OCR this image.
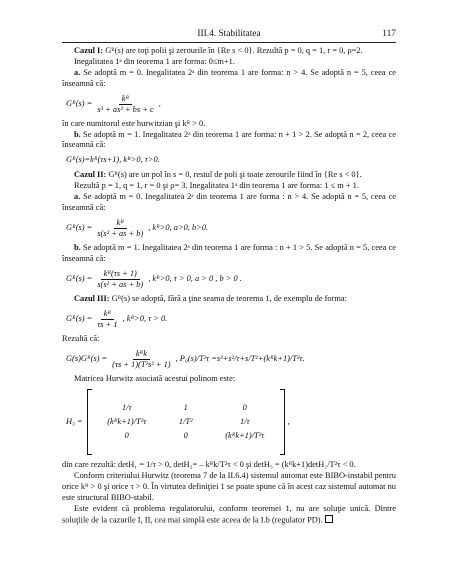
III.4. Stabilitatea	117

Cazul I: Gᴿ(s) are toţi polii şi zerourile în {Re s < 0}. Rezultă p = 0, q = 1, r = 0, ρ=2.

Inegalitatea 1ᵃ din teorema 1 are forma: 0≤m+1.

a. Se adoptă m = 0. Inegalitatea 2ᵃ din teorema 1 are forma: n > 4. Se adoptă n = 5, ceea ce înseamnă că:

Gᴿ(s) = $\frac{\text{kᴿ}}{\text{s³ + as² + bs + c}}$ ,

în care numitorul este hurwitzian şi kᴿ > 0.

b. Se adoptă m = 1. Inegalitatea 2ᵃ din teorema 1 are forma: n + 1 > 2. Se adoptă n = 2, ceea ce înseamnă că:

Gᴿ(s)=kᴿ(τs+1), kᴿ>0, τ>0.

Cazul II: Gᴿ(s) are un pol în s = 0, restul de poli şi toate zerourile fiind în {Re s < 0}.

Rezultă p = 1, q = 1, r = 0 şi ρ= 3. Inegalitatea 1ᵃ din teorema 1 are forma: 1 ≤ m + 1.

a. Se adoptă m = 0. Inegalitatea 2ᵃ din teorema 1 are forma : n > 4. Se adoptă n = 5, ceea ce înseamnă că:

Gᴿ(s) = $\frac{\text{kᴿ}}{\text{s(s² + as + b)}}$ , kᴿ>0, a>0, b>0.

b. Se adoptă m = 1. Inegalitatea 2ᵃ din teorema 1 are forma : n + 1 > 5. Se adoptă n = 5, ceea ce înseamnă că:

Gᴿ(s) = $\frac{\text{kᴿ(τs + 1)}}{\text{s(s² + as + b)}}$ , kᴿ>0, τ > 0, a > 0 , b > 0 .

Cazul III: Gᴿ(s) se adoptă, fără a ţine seama de teorema 1, de exemplu de forma:

Gᴿ(s) = $\frac{\text{kᴿ}}{\tau s + 1}$ , kᴿ>0, τ > 0.

Rezultă că:

G(s)Gᴿ(s) = $\frac{\text{kᴿk}}{\text{(τs + 1)(T²s² + 1)}}$ , P₀(s)/T²τ =s³+s²/τ+s/T²+(kᴿk+1)/T²τ.

Matricea Hurwitz asociată acestui polinom este:

H₃ =
1/τ	1	0
(kᴿk+1)/T²τ	1/T²	1/τ
0	0	(kᴿk+1)/T²τ
,

din care rezultă: detH₁ = 1/τ > 0, detH₂= – kᴿk/T²τ < 0 şi detH₃ = (kᴿk+1)detH₂/T²τ < 0.

Conform criteriului Hurwitz (teorema 7 de la II.6.4) sistemul automat este BIBO-instabil pentru orice kᴿ > 0 şi orice τ > 0. În virtutea definiţiei 1 se poate spune că în acest caz sistemul automat nu este structural BIBO-stabil.

Este evident că problema regulatorului, conform teoremei 1, nu are soluţie unică. Dintre soluţiile de la cazurile I, II, cea mai simplă este aceea de la I.b (regulator PD).
